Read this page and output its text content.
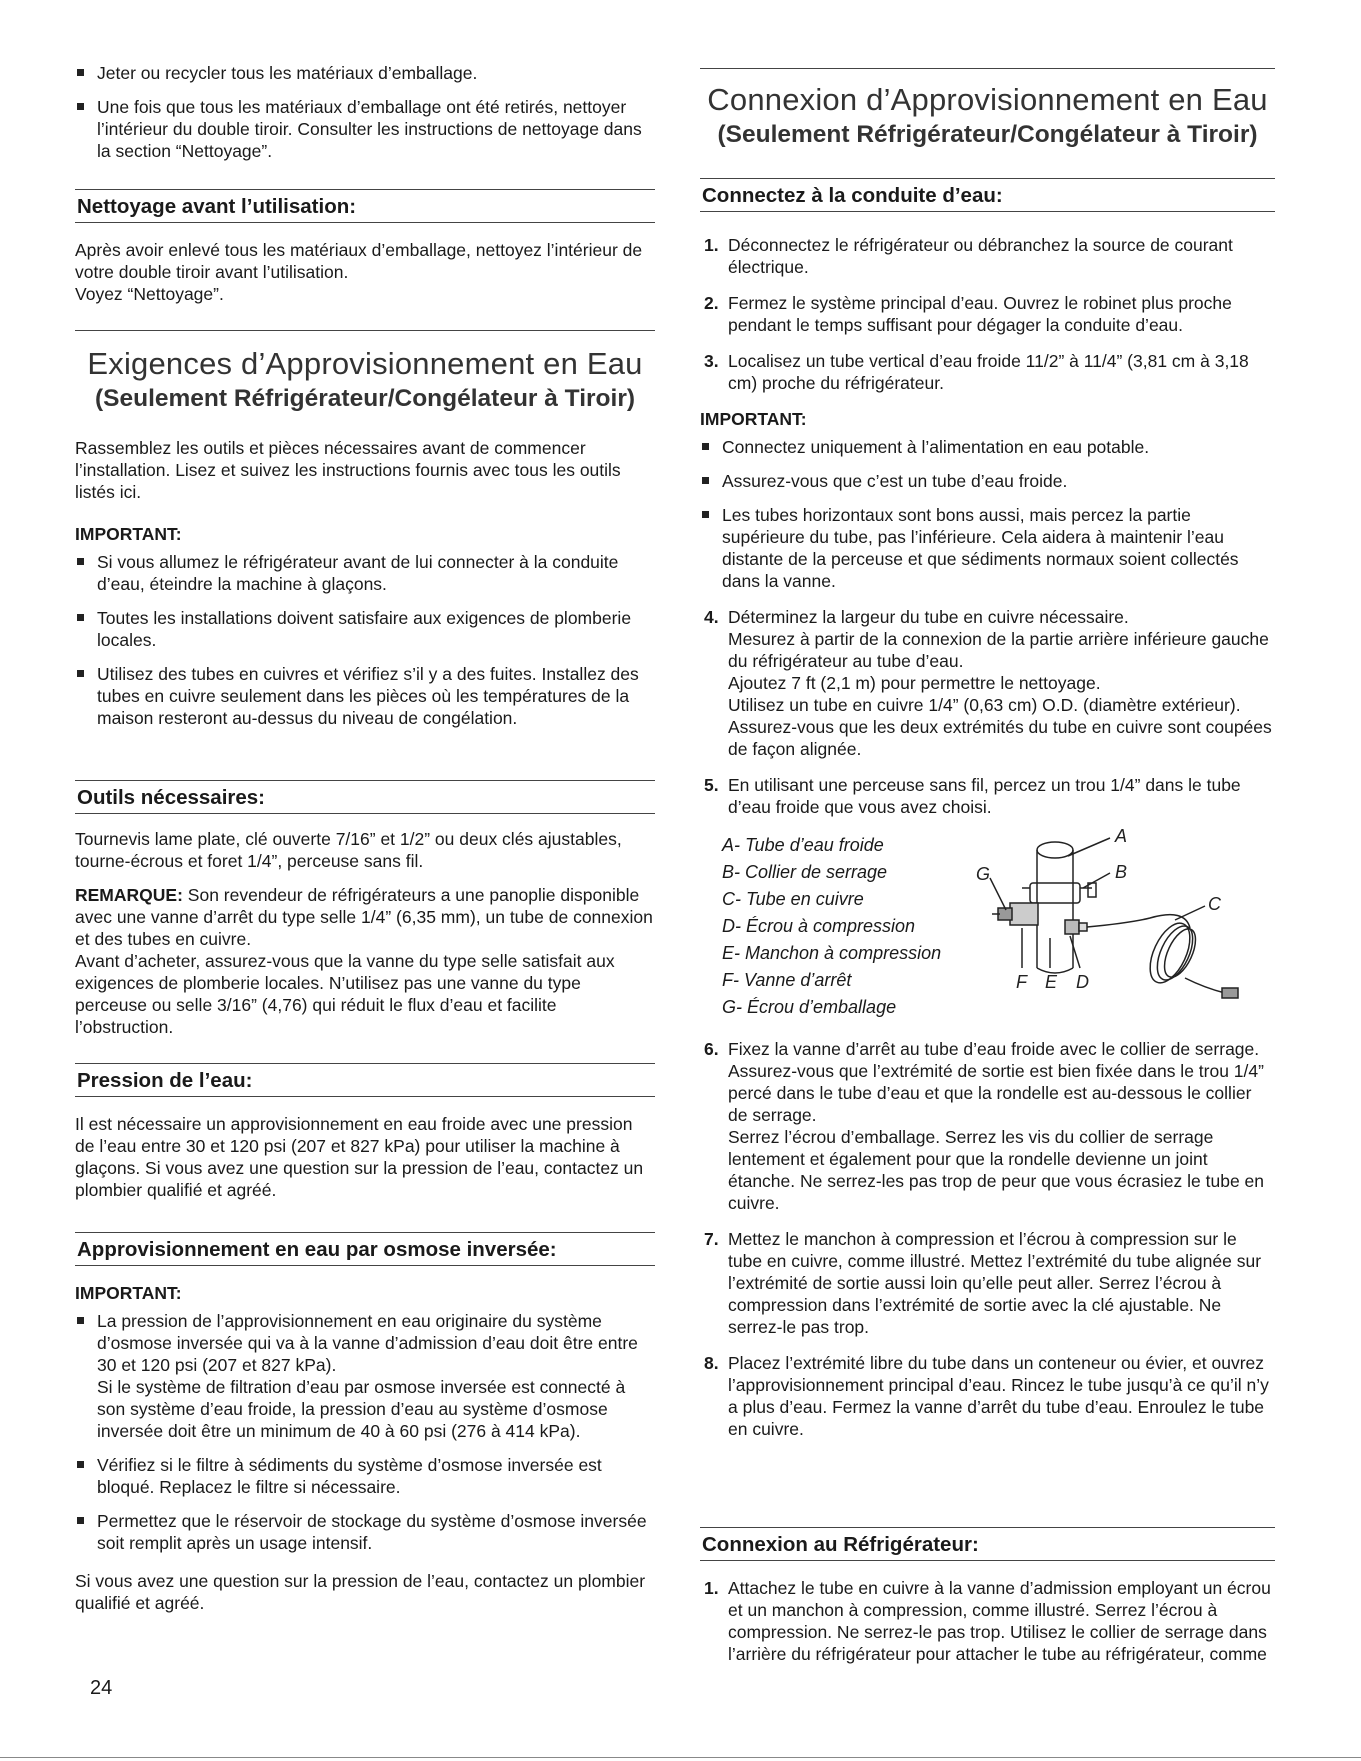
Jeter ou recycler tous les matériaux d’emballage.
Une fois que tous les matériaux d’emballage ont été retirés, nettoyer l’intérieur du double tiroir. Consulter les instructions de nettoyage dans la section “Nettoyage”.
Nettoyage avant l’utilisation:

Après avoir enlevé tous les matériaux d’emballage, nettoyez l’intérieur de votre double tiroir avant l’utilisation.

Voyez “Nettoyage”.

Exigences d’Approvisionnement en Eau
(Seulement Réfrigérateur/Congélateur à Tiroir)

Rassemblez les outils et pièces nécessaires avant de commencer l’installation. Lisez et suivez les instructions fournis avec tous les outils listés ici.

IMPORTANT:
Si vous allumez le réfrigérateur avant de lui connecter à la conduite d’eau, éteindre la machine à glaçons.
Toutes les installations doivent satisfaire aux exigences de plomberie locales.
Utilisez des tubes en cuivres et vérifiez s’il y a des fuites. Installez des tubes en cuivre seulement dans les pièces où les températures de la maison resteront au-dessus du niveau de congélation.
Outils nécessaires:

Tournevis lame plate, clé ouverte 7/16” et 1/2” ou deux clés ajustables, tourne-écrous et foret 1/4”, perceuse sans fil.

REMARQUE: Son revendeur de réfrigérateurs a une panoplie disponible avec une vanne d’arrêt du type selle 1/4” (6,35 mm), un tube de connexion et des tubes en cuivre.

Avant d’acheter, assurez-vous que la vanne du type selle satisfait aux exigences de plomberie locales. N’utilisez pas une vanne du type perceuse ou selle 3/16” (4,76) qui réduit le flux d’eau et facilite l’obstruction.

Pression de l’eau:

Il est nécessaire un approvisionnement en eau froide avec une pression de l’eau entre 30 et 120 psi (207 et 827 kPa) pour utiliser la machine à glaçons. Si vous avez une question sur la pression de l’eau, contactez un plombier qualifié et agréé.

Approvisionnement en eau par osmose inversée:
IMPORTANT:
La pression de l’approvisionnement en eau originaire du système d’osmose inversée qui va à la vanne d’admission d’eau doit être entre 30 et 120 psi (207 et 827 kPa).
Si le système de filtration d’eau par osmose inversée est connecté à son système d’eau froide, la pression d’eau au système d’osmose inversée doit être un minimum de 40 à 60 psi (276 à 414 kPa).
Vérifiez si le filtre à sédiments du système d’osmose inversée est bloqué. Replacez le filtre si nécessaire.
Permettez que le réservoir de stockage du système d’osmose inversée soit remplit après un usage intensif.

Si vous avez une question sur la pression de l’eau, contactez un plombier qualifié et agréé.

24
Connexion d’Approvisionnement en Eau
(Seulement Réfrigérateur/Congélateur à Tiroir)
Connectez à la conduite d’eau:
1. Déconnectez le réfrigérateur ou débranchez la source de courant électrique.
2. Fermez le système principal d’eau. Ouvrez le robinet plus proche pendant le temps suffisant pour dégager la conduite d’eau.
3. Localisez un tube vertical d’eau froide 11/2” à 11/4” (3,81 cm à 3,18 cm) proche du réfrigérateur.
IMPORTANT:
Connectez uniquement à l’alimentation en eau potable.
Assurez-vous que c’est un tube d’eau froide.
Les tubes horizontaux sont bons aussi, mais percez la partie supérieure du tube, pas l’inférieure. Cela aidera à maintenir l’eau distante de la perceuse et que sédiments normaux soient collectés dans la vanne.
4. Déterminez la largeur du tube en cuivre nécessaire.
Mesurez à partir de la connexion de la partie arrière inférieure gauche du réfrigérateur au tube d’eau.
Ajoutez 7 ft (2,1 m) pour permettre le nettoyage.
Utilisez un tube en cuivre 1/4” (0,63 cm) O.D. (diamètre extérieur). Assurez-vous que les deux extrémités du tube en cuivre sont coupées de façon alignée.
5. En utilisant une perceuse sans fil, percez un trou 1/4” dans le tube d’eau froide que vous avez choisi.
A- Tube d’eau froide
B- Collier de serrage
C- Tube en cuivre
D- Écrou à compression
E- Manchon à compression
F- Vanne d’arrêt
G- Écrou d’emballage
A
B
C
G
F E D
6. Fixez la vanne d’arrêt au tube d’eau froide avec le collier de serrage. Assurez-vous que l’extrémité de sortie est bien fixée dans le trou 1/4” percé dans le tube d’eau et que la rondelle est au-dessous le collier de serrage.
Serrez l’écrou d’emballage. Serrez les vis du collier de serrage lentement et également pour que la rondelle devienne un joint étanche. Ne serrez-les pas trop de peur que vous écrasiez le tube en cuivre.
7. Mettez le manchon à compression et l’écrou à compression sur le tube en cuivre, comme illustré. Mettez l’extrémité du tube alignée sur l’extrémité de sortie aussi loin qu’elle peut aller. Serrez l’écrou à compression dans l’extrémité de sortie avec la clé ajustable. Ne serrez-le pas trop.
8. Placez l’extrémité libre du tube dans un conteneur ou évier, et ouvrez l’approvisionnement principal d’eau. Rincez le tube jusqu’à ce qu’il n’y a plus d’eau. Fermez la vanne d’arrêt du tube d’eau. Enroulez le tube en cuivre.
Connexion au Réfrigérateur:
1. Attachez le tube en cuivre à la vanne d’admission employant un écrou et un manchon à compression, comme illustré. Serrez l’écrou à compression. Ne serrez-le pas trop. Utilisez le collier de serrage dans l’arrière du réfrigérateur pour attacher le tube au réfrigérateur, comme
